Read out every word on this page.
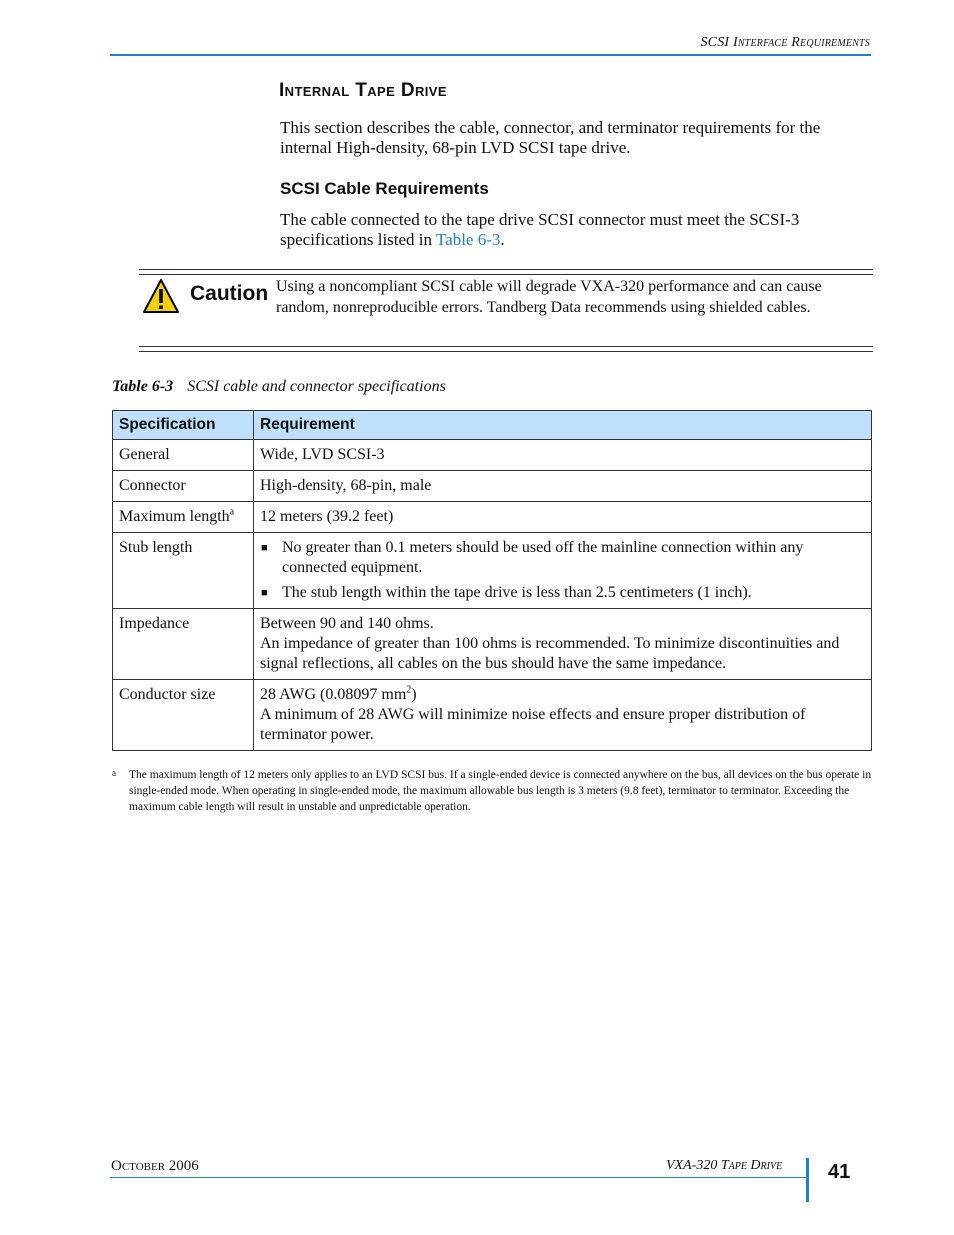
SCSI Interface Requirements
Internal Tape Drive
This section describes the cable, connector, and terminator requirements for the internal High-density, 68-pin LVD SCSI tape drive.
SCSI Cable Requirements
The cable connected to the tape drive SCSI connector must meet the SCSI-3 specifications listed in Table 6-3.
Caution Using a noncompliant SCSI cable will degrade VXA-320 performance and can cause random, nonreproducible errors. Tandberg Data recommends using shielded cables.
Table 6-3 SCSI cable and connector specifications
Specification	Requirement
General	Wide, LVD SCSI-3
Connector	High-density, 68-pin, male
Maximum length$^a$	12 meters (39.2 feet)
Stub length	■ No greater than 0.1 meters should be used off the mainline connection within any connected equipment.
■ The stub length within the tape drive is less than 2.5 centimeters (1 inch).

Impedance	Between 90 and 140 ohms.
An impedance of greater than 100 ohms is recommended. To minimize discontinuities and signal reflections, all cables on the bus should have the same impedance.

Conductor size	28 AWG (0.08097 $mm^2$)
A minimum of 28 AWG will minimize noise effects and ensure proper distribution of terminator power.
a The maximum length of 12 meters only applies to an LVD SCSI bus. If a single-ended device is connected anywhere on the bus, all devices on the bus operate in single-ended mode. When operating in single-ended mode, the maximum allowable bus length is 3 meters (9.8 feet), terminator to terminator. Exceeding the maximum cable length will result in unstable and unpredictable operation.
October 2006	VXA-320 Tape Drive 41
